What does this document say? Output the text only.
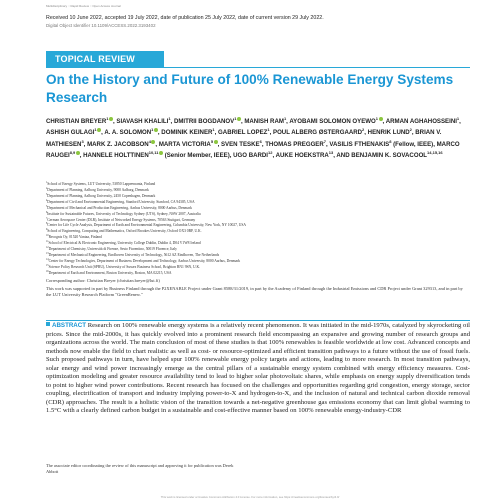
Multidisciplinary :: Rapid Review :: Open Access Journal
Received 10 June 2022, accepted 19 July 2022, date of publication 25 July 2022, date of current version 29 July 2022.
Digital Object Identifier 10.1109/ACCESS.2022.3193402
TOPICAL REVIEW
On the History and Future of 100% Renewable Energy Systems Research
CHRISTIAN BREYER$^1$ , SIAVASH KHALILI$^1$, DMITRII BOGDANOV$^1$ , MANISH RAM$^1$, AYOBAMI SOLOMON OYEWO$^1$ , ARMAN AGHAHOSSEINI$^1$, ASHISH GULAGI$^1$ , A. A. SOLOMON$^1$ , DOMINIK KEINER$^1$, GABRIEL LOPEZ$^1$, POUL ALBERG ØSTERGAARD$^2$, HENRIK LUND$^2$, BRIAN V. MATHIESEN$^3$, MARK Z. JACOBSON$^4$ , MARTA VICTORIA$^5$ , SVEN TESKE$^6$, THOMAS PREGGER$^7$, VASILIS FTHENAKIS$^8$ (Fellow, IEEE), MARCO RAUGEI$^{8,9}$ , HANNELE HOLTTINEN$^{10,11}$ (Senior Member, IEEE), UGO BARDI$^{12}$, AUKE HOEKSTRA$^{13}$, AND BENJAMIN K. SOVACOOL$^{14,15,16}$
$^1$School of Energy Systems, LUT University, 53850 Lappeenranta, Finland
$^2$Department of Planning, Aalborg University, 9000 Aalborg, Denmark
$^3$Department of Planning, Aalborg University, 2450 Copenhagen, Denmark
$^4$Department of Civil and Environmental Engineering, Stanford University, Stanford, CA 94305, USA
$^5$Department of Mechanical and Production Engineering, Aarhus University, 8000 Aarhus, Denmark
$^6$Institute for Sustainable Futures, University of Technology Sydney (UTS), Sydney, NSW 2007, Australia
$^7$German Aerospace Center (DLR), Institute of Networked Energy Systems, 70563 Stuttgart, Germany
$^8$Center for Life Cycle Analysis, Department of Earth and Environmental Engineering, Columbia University, New York, NY 10027, USA
$^9$School of Engineering, Computing and Mathematics, Oxford Brookes University, Oxford OX3 0BP, U.K.
$^{10}$Recognis Oy, 01520 Vantaa, Finland
$^{11}$School of Electrical & Electronic Engineering, University College Dublin, Dublin 4, D04 V1W8 Ireland
$^{12}$Department of Chemistry, Università di Firenze, Sesto Fiorentino, 50019 Florence, Italy
$^{13}$Department of Mechanical Engineering, Eindhoven University of Technology, 5612 AZ Eindhoven, The Netherlands
$^{14}$Center for Energy Technologies, Department of Business Development and Technology, Aarhus University, 8000 Aarhus, Denmark
$^{15}$Science Policy Research Unit (SPRU), University of Sussex Business School, Brighton BN1 9SN, U.K.
$^{16}$Department of Earth and Environment, Boston University, Boston, MA 02215, USA
Corresponding author: Christian Breyer (christian.breyer@lut.fi)
This work was supported in part by Business Finland through the P2XENABLE Project under Grant 8588/31/2019, in part by the Academy of Finland through the Industrial Emissions and CDR Project under Grant 329313, and in part by the LUT University Research Platform "GreenRenew."
ABSTRACT Research on 100% renewable energy systems is a relatively recent phenomenon. It was initiated in the mid-1970s, catalyzed by skyrocketing oil prices. Since the mid-2000s, it has quickly evolved into a prominent research field encompassing an expansive and growing number of research groups and organizations across the world. The main conclusion of most of these studies is that 100% renewables is feasible worldwide at low cost. Advanced concepts and methods now enable the field to chart realistic as well as cost- or resource-optimized and efficient transition pathways to a future without the use of fossil fuels. Such proposed pathways in turn, have helped spur 100% renewable energy policy targets and actions, leading to more research. In most transition pathways, solar energy and wind power increasingly emerge as the central pillars of a sustainable energy system combined with energy efficiency measures. Cost-optimization modeling and greater resource availability tend to lead to higher solar photovoltaic shares, while emphasis on energy supply diversification tends to point to higher wind power contributions. Recent research has focused on the challenges and opportunities regarding grid congestion, energy storage, sector coupling, electrification of transport and industry implying power-to-X and hydrogen-to-X, and the inclusion of natural and technical carbon dioxide removal (CDR) approaches. The result is a holistic vision of the transition towards a net-negative greenhouse gas emissions economy that can limit global warming to 1.5°C with a clearly defined carbon budget in a sustainable and cost-effective manner based on 100% renewable energy-industry-CDR
The associate editor coordinating the review of this manuscript and approving it for publication was Derek Abbott
This work is licensed under a Creative Commons Attribution 4.0 License. For more information, see https://creativecommons.org/licenses/by/4.0/
